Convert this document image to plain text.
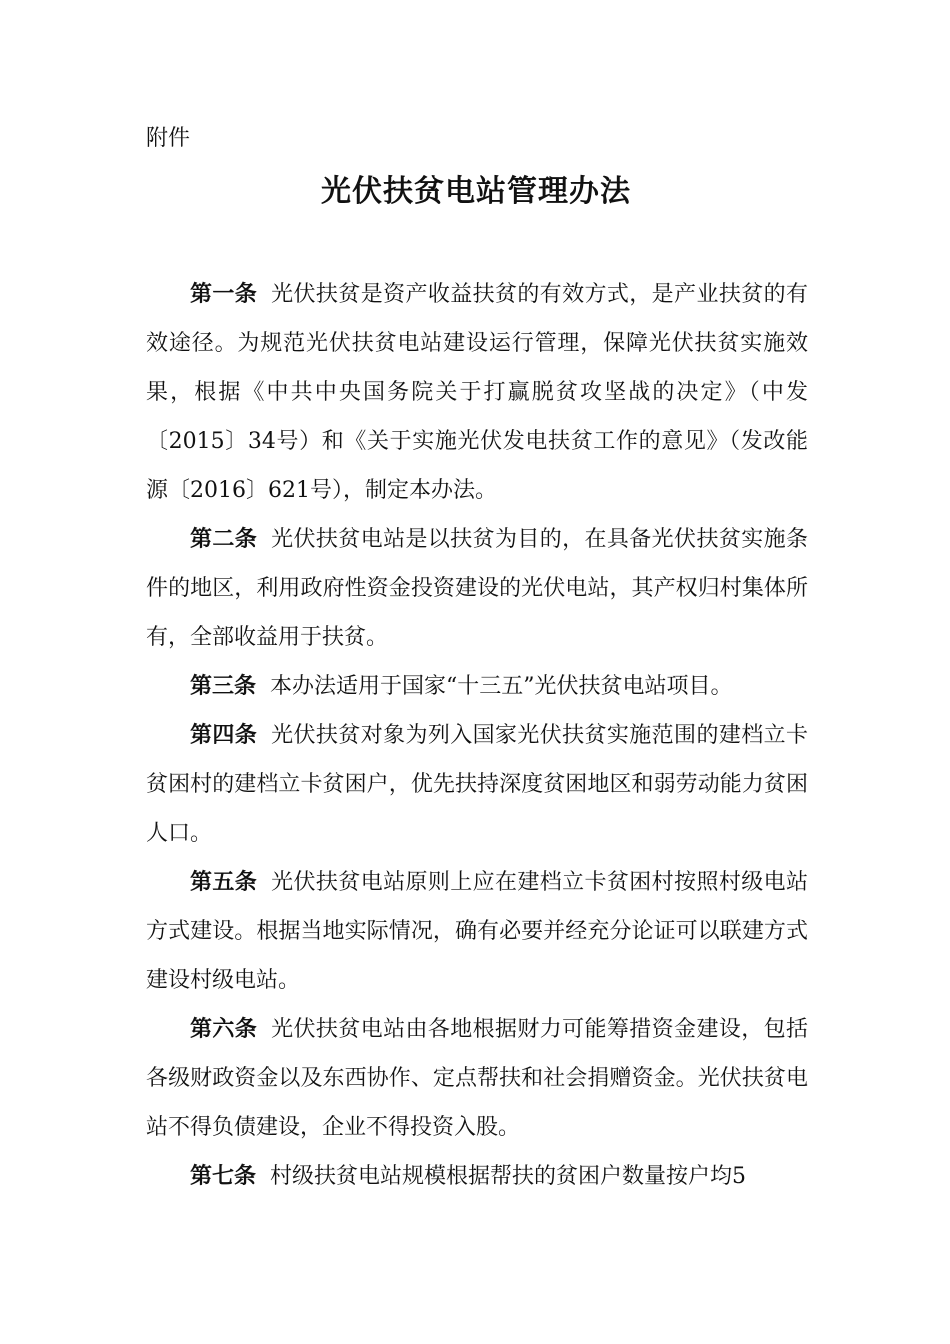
附件
光伏扶贫电站管理办法

第一条 光伏扶贫是资产收益扶贫的有效方式，是产业扶贫的有效途径。为规范光伏扶贫电站建设运行管理，保障光伏扶贫实施效果，根据《中共中央国务院关于打赢脱贫攻坚战的决定》（中发〔2015〕34号）和《关于实施光伏发电扶贫工作的意见》（发改能源〔2016〕621号），制定本办法。

第二条 光伏扶贫电站是以扶贫为目的，在具备光伏扶贫实施条件的地区，利用政府性资金投资建设的光伏电站，其产权归村集体所有，全部收益用于扶贫。

第三条 本办法适用于国家“十三五”光伏扶贫电站项目。

第四条 光伏扶贫对象为列入国家光伏扶贫实施范围的建档立卡贫困村的建档立卡贫困户，优先扶持深度贫困地区和弱劳动能力贫困人口。

第五条 光伏扶贫电站原则上应在建档立卡贫困村按照村级电站方式建设。根据当地实际情况，确有必要并经充分论证可以联建方式建设村级电站。

第六条 光伏扶贫电站由各地根据财力可能筹措资金建设，包括各级财政资金以及东西协作、定点帮扶和社会捐赠资金。光伏扶贫电站不得负债建设，企业不得投资入股。

第七条 村级扶贫电站规模根据帮扶的贫困户数量按户均5
